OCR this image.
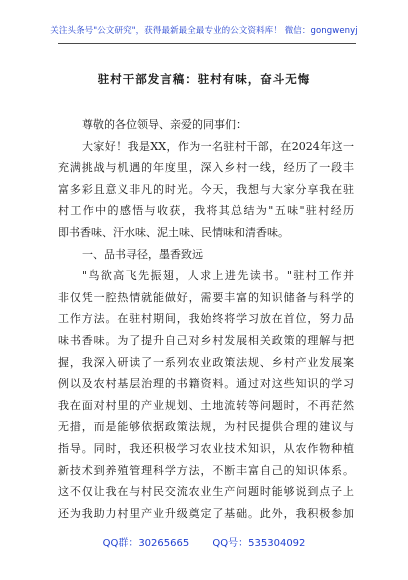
关注头条号"公文研究"，获得最新最全最专业的公文资料库！ 微信：gongwenyj
驻村干部发言稿：驻村有味，奋斗无悔
尊敬的各位领导、亲爱的同事们：
大家好！我是XX，作为一名驻村干部，在2024年这一
充满挑战与机遇的年度里，深入乡村一线，经历了一段丰
富多彩且意义非凡的时光。今天，我想与大家分享我在驻
村工作中的感悟与收获，我将其总结为"五味"驻村经历
即书香味、汗水味、泥土味、民情味和清香味。
一、品书寻径，墨香致远
"鸟欲高飞先振翅，人求上进先读书。"驻村工作并
非仅凭一腔热情就能做好，需要丰富的知识储备与科学的
工作方法。在驻村期间，我始终将学习放在首位，努力品
味书香味。为了提升自己对乡村发展相关政策的理解与把
握，我深入研读了一系列农业政策法规、乡村产业发展案
例以及农村基层治理的书籍资料。通过对这些知识的学习
我在面对村里的产业规划、土地流转等问题时，不再茫然
无措，而是能够依据政策法规，为村民提供合理的建议与
指导。同时，我还积极学习农业技术知识，从农作物种植
新技术到养殖管理科学方法，不断丰富自己的知识体系。
这不仅让我在与村民交流农业生产问题时能够说到点子上
还为我助力村里产业升级奠定了基础。此外，我积极参加
QQ群：30265665 QQ号：535304092
